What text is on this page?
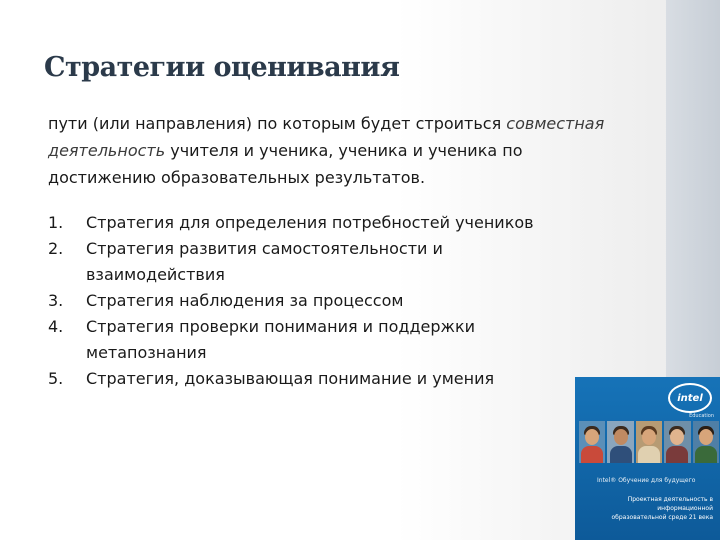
Стратегии оценивания
пути (или направления) по которым будет строиться совместная деятельность учителя и ученика, ученика и ученика по достижению образовательных результатов.
1.	Стратегия для определения потребностей учеников
2.	Стратегия развития самостоятельности и взаимодействия
3.	Стратегия наблюдения за процессом
4.	Стратегия проверки понимания и поддержки метапознания
5.	Стратегия, доказывающая понимание и умения
intel
Education
Intel® Обучение для будущего
Проектная деятельность в информационной образовательной среде 21 века
